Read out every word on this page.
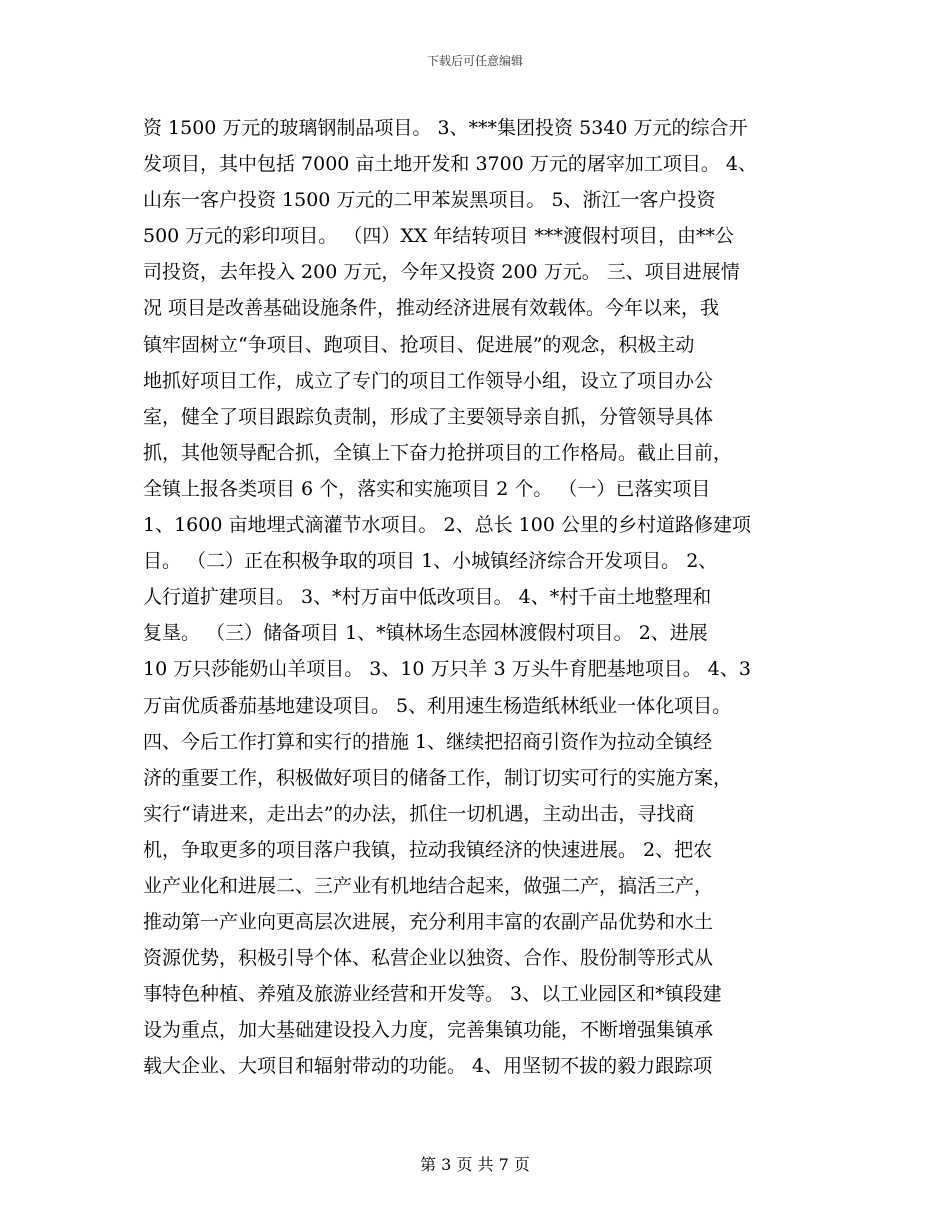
下载后可任意编辑
资 1500 万元的玻璃钢制品项目。 3、***集团投资 5340 万元的综合开
发项目，其中包括 7000 亩土地开发和 3700 万元的屠宰加工项目。 4、
山东一客户投资 1500 万元的二甲苯炭黑项目。 5、浙江一客户投资
500 万元的彩印项目。 （四）XX 年结转项目 ***渡假村项目，由**公
司投资，去年投入 200 万元，今年又投资 200 万元。 三、项目进展情
况 项目是改善基础设施条件，推动经济进展有效载体。今年以来，我
镇牢固树立“争项目、跑项目、抢项目、促进展”的观念，积极主动
地抓好项目工作，成立了专门的项目工作领导小组，设立了项目办公
室，健全了项目跟踪负责制，形成了主要领导亲自抓，分管领导具体
抓，其他领导配合抓，全镇上下奋力抢拼项目的工作格局。截止目前，
全镇上报各类项目 6 个，落实和实施项目 2 个。 （一）已落实项目
1、1600 亩地埋式滴灌节水项目。 2、总长 100 公里的乡村道路修建项
目。 （二）正在积极争取的项目 1、小城镇经济综合开发项目。 2、
人行道扩建项目。 3、*村万亩中低改项目。 4、*村千亩土地整理和
复垦。 （三）储备项目 1、*镇林场生态园林渡假村项目。 2、进展
10 万只莎能奶山羊项目。 3、10 万只羊 3 万头牛育肥基地项目。 4、3
万亩优质番茄基地建设项目。 5、利用速生杨造纸林纸业一体化项目。
四、今后工作打算和实行的措施 1、继续把招商引资作为拉动全镇经
济的重要工作，积极做好项目的储备工作，制订切实可行的实施方案，
实行“请进来，走出去”的办法，抓住一切机遇，主动出击，寻找商
机，争取更多的项目落户我镇，拉动我镇经济的快速进展。 2、把农
业产业化和进展二、三产业有机地结合起来，做强二产，搞活三产，
推动第一产业向更高层次进展，充分利用丰富的农副产品优势和水土
资源优势，积极引导个体、私营企业以独资、合作、股份制等形式从
事特色种植、养殖及旅游业经营和开发等。 3、以工业园区和*镇段建
设为重点，加大基础建设投入力度，完善集镇功能，不断增强集镇承
载大企业、大项目和辐射带动的功能。 4、用坚韧不拔的毅力跟踪项
第 3 页 共 7 页
